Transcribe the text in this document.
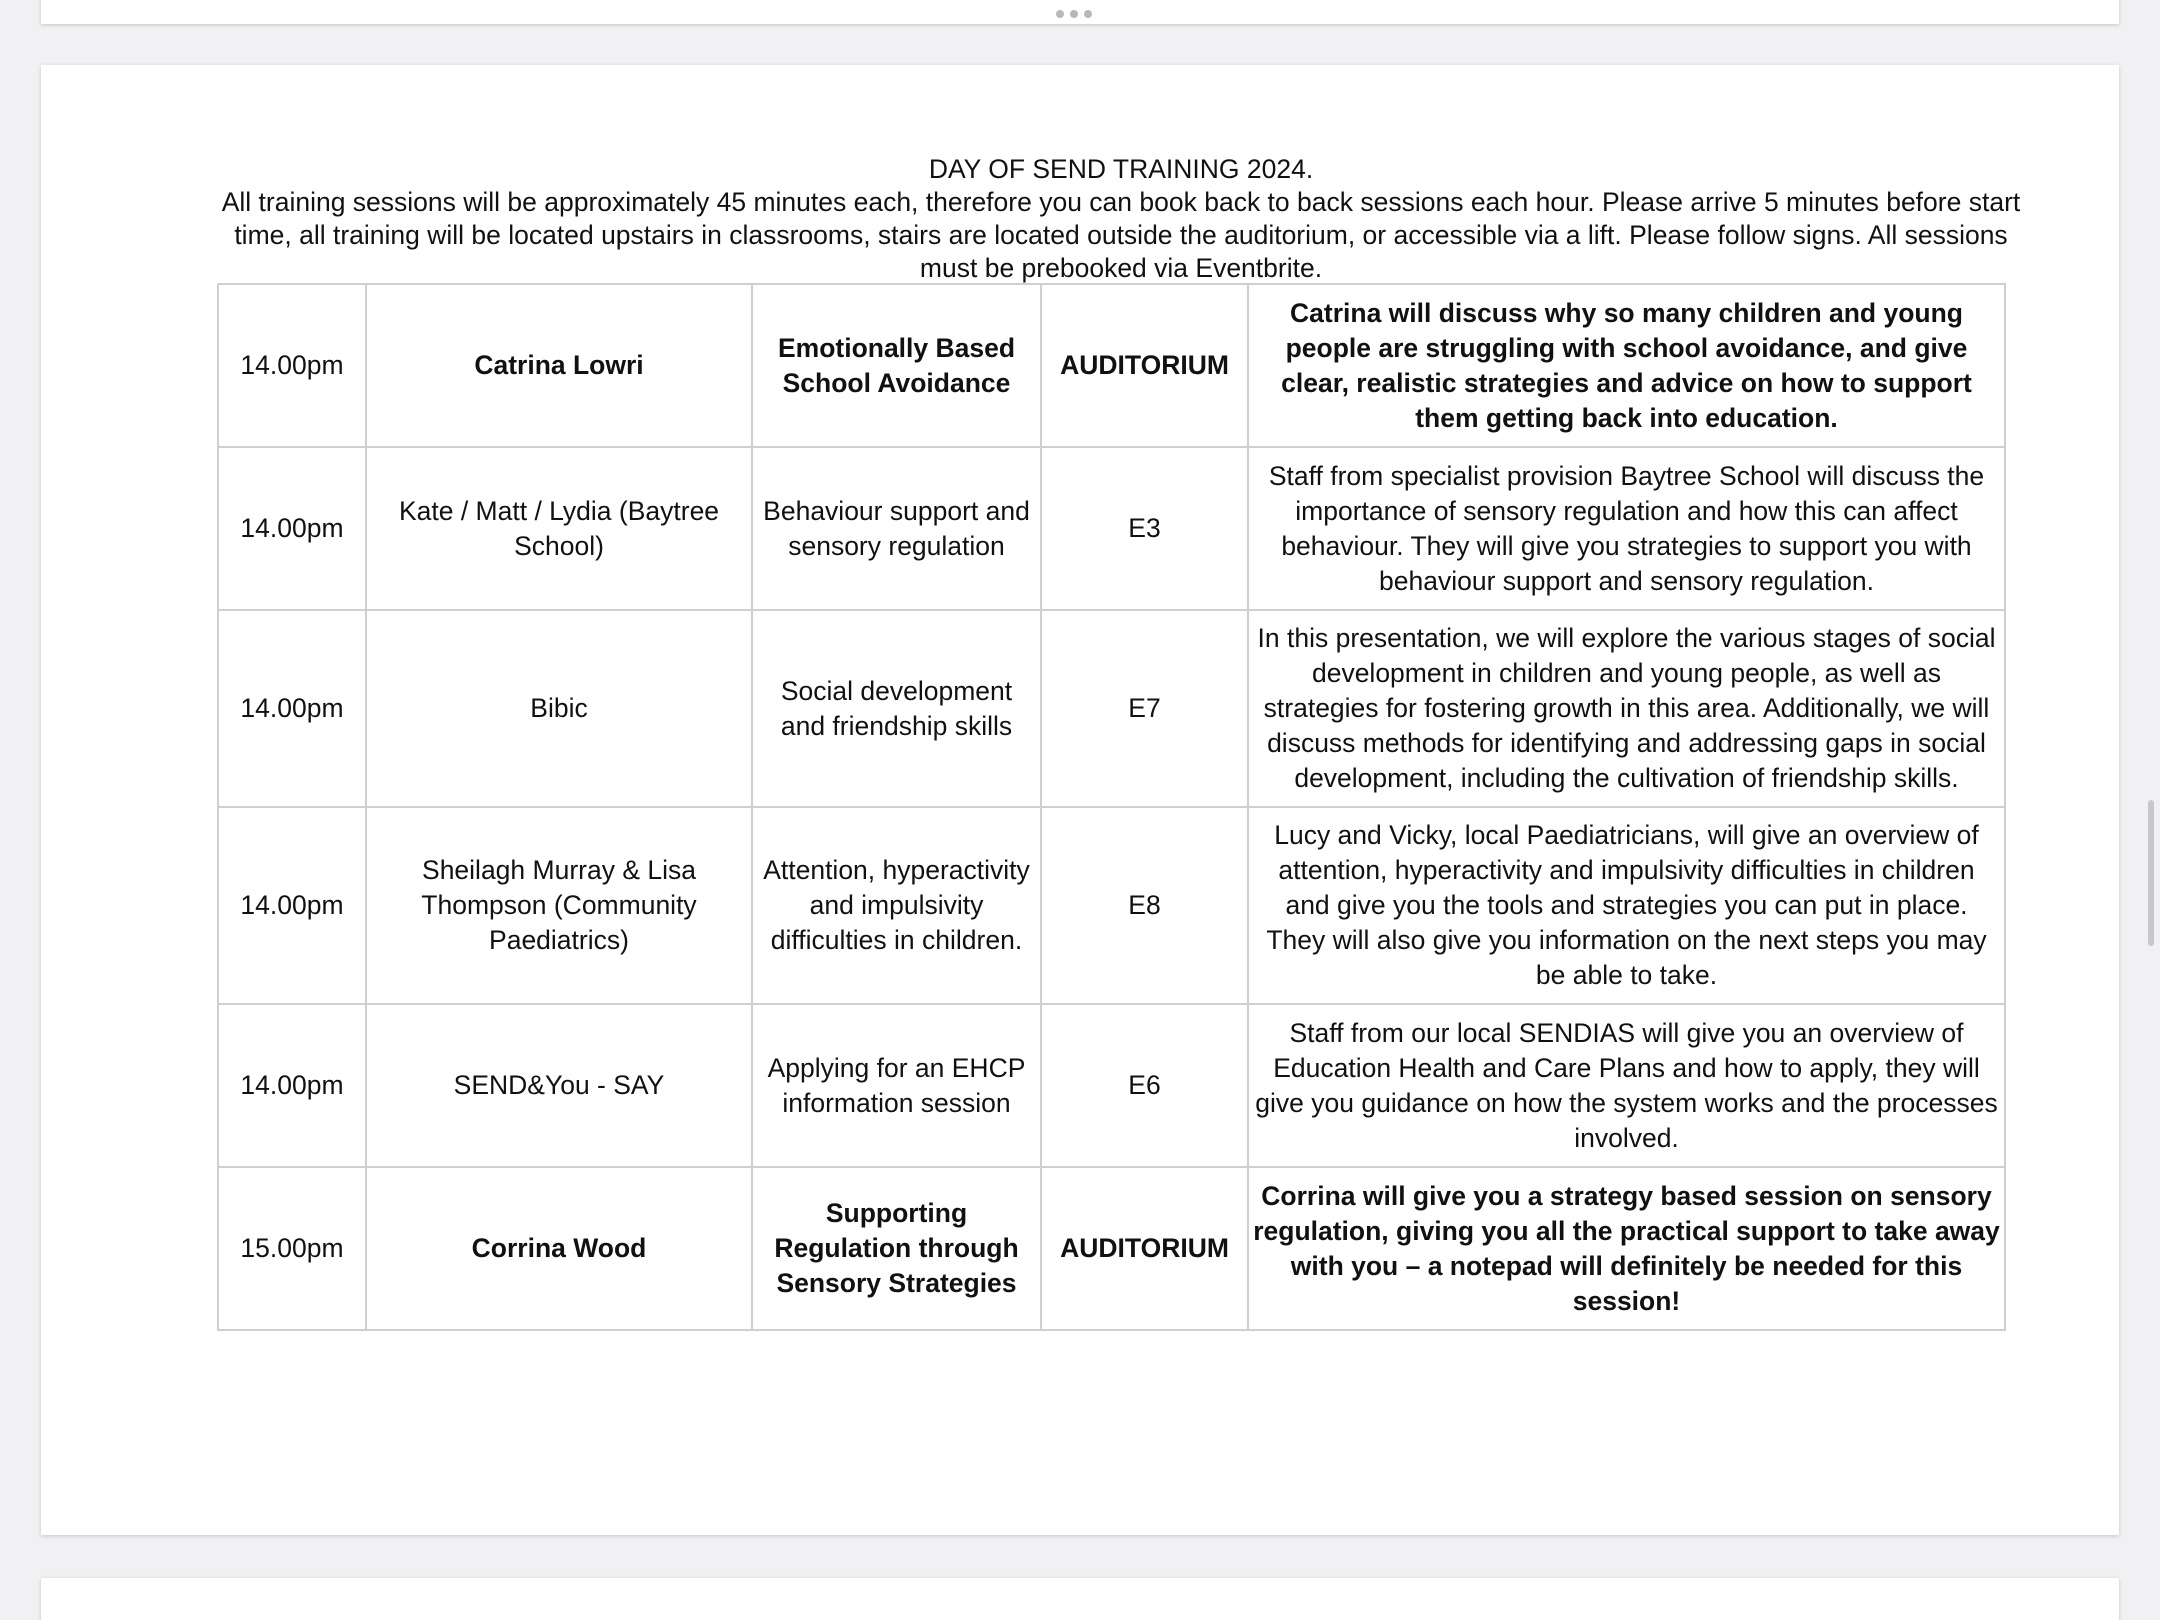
DAY OF SEND TRAINING 2024.

All training sessions will be approximately 45 minutes each, therefore you can book back to back sessions each hour. Please arrive 5 minutes before start time, all training will be located upstairs in classrooms, stairs are located outside the auditorium, or accessible via a lift. Please follow signs. All sessions must be prebooked via Eventbrite.

14.00pm	Catrina Lowri	Emotionally Based School Avoidance	AUDITORIUM	Catrina will discuss why so many children and young people are struggling with school avoidance, and give clear, realistic strategies and advice on how to support them getting back into education.
14.00pm	Kate / Matt / Lydia (Baytree School)	Behaviour support and sensory regulation	E3	Staff from specialist provision Baytree School will discuss the importance of sensory regulation and how this can affect behaviour. They will give you strategies to support you with behaviour support and sensory regulation.
14.00pm	Bibic	Social development and friendship skills	E7	In this presentation, we will explore the various stages of social development in children and young people, as well as strategies for fostering growth in this area. Additionally, we will discuss methods for identifying and addressing gaps in social development, including the cultivation of friendship skills.
14.00pm	Sheilagh Murray & Lisa Thompson (Community Paediatrics)	Attention, hyperactivity and impulsivity difficulties in children.	E8	Lucy and Vicky, local Paediatricians, will give an overview of attention, hyperactivity and impulsivity difficulties in children and give you the tools and strategies you can put in place. They will also give you information on the next steps you may be able to take.
14.00pm	SEND&You - SAY	Applying for an EHCP information session	E6	Staff from our local SENDIAS will give you an overview of Education Health and Care Plans and how to apply, they will give you guidance on how the system works and the processes involved.
15.00pm	Corrina Wood	Supporting Regulation through Sensory Strategies	AUDITORIUM	Corrina will give you a strategy based session on sensory regulation, giving you all the practical support to take away with you – a notepad will definitely be needed for this session!
